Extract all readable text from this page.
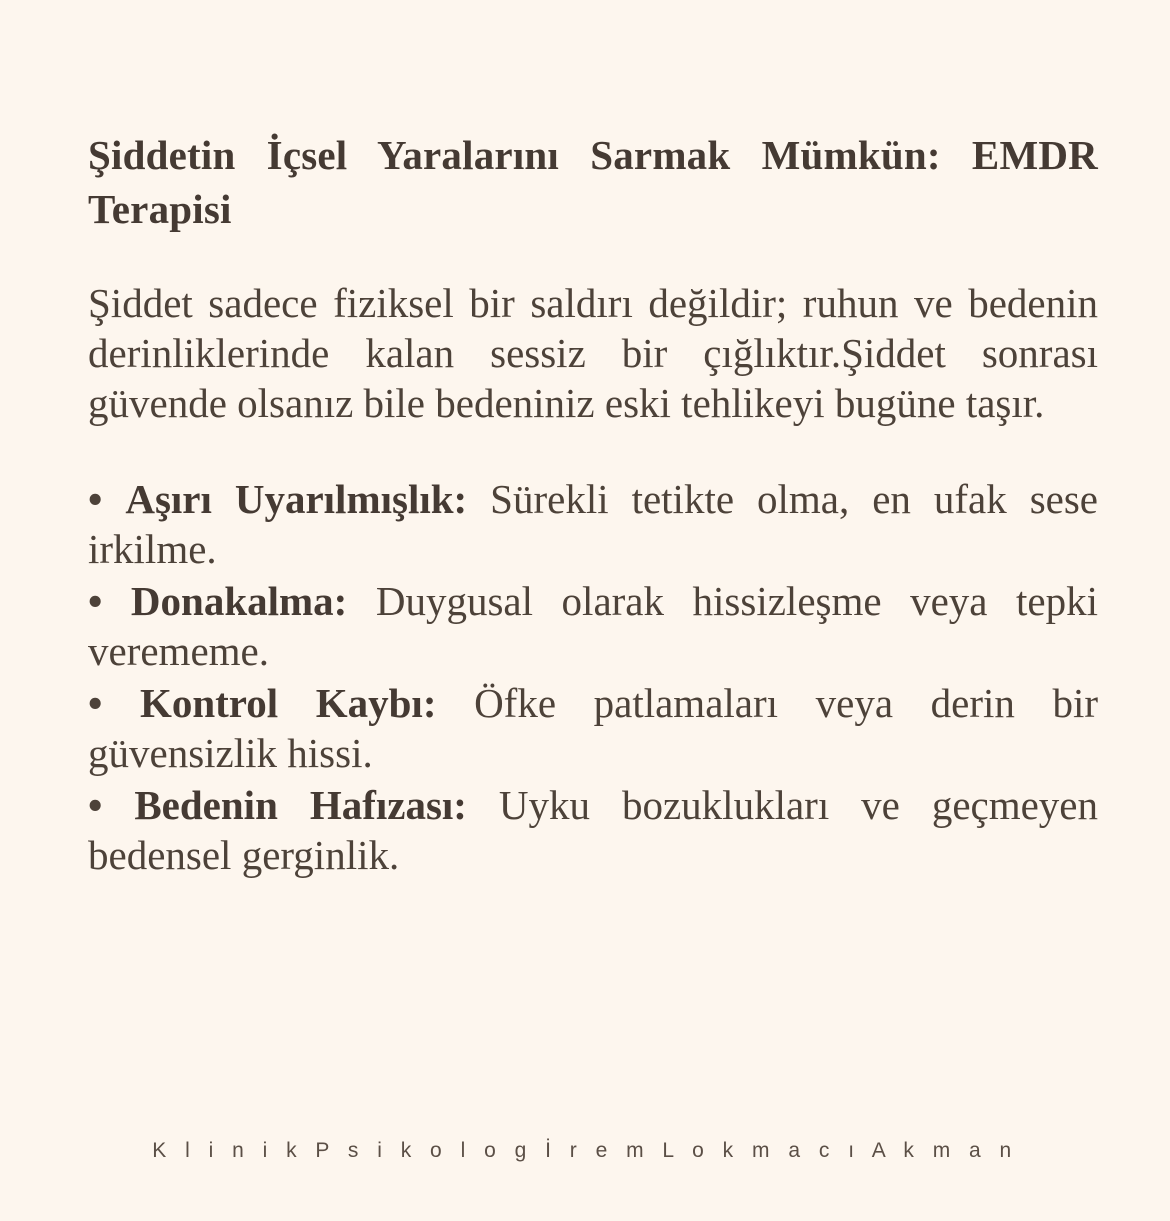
Şiddetin İçsel Yaralarını Sarmak Mümkün: EMDR Terapisi

Şiddet sadece fiziksel bir saldırı değildir; ruhun ve bedenin derinliklerinde kalan sessiz bir çığlıktır.Şiddet sonrası güvende olsanız bile bedeniniz eski tehlikeyi bugüne taşır.

• Aşırı Uyarılmışlık: Sürekli tetikte olma, en ufak sese irkilme.
• Donakalma: Duygusal olarak hissizleşme veya tepki verememe.
• Kontrol Kaybı: Öfke patlamaları veya derin bir güvensizlik hissi.
• Bedenin Hafızası: Uyku bozuklukları ve geçmeyen bedensel gerginlik.
K l i n i k P s i k o l o g İ r e m L o k m a c ı A k m a n
